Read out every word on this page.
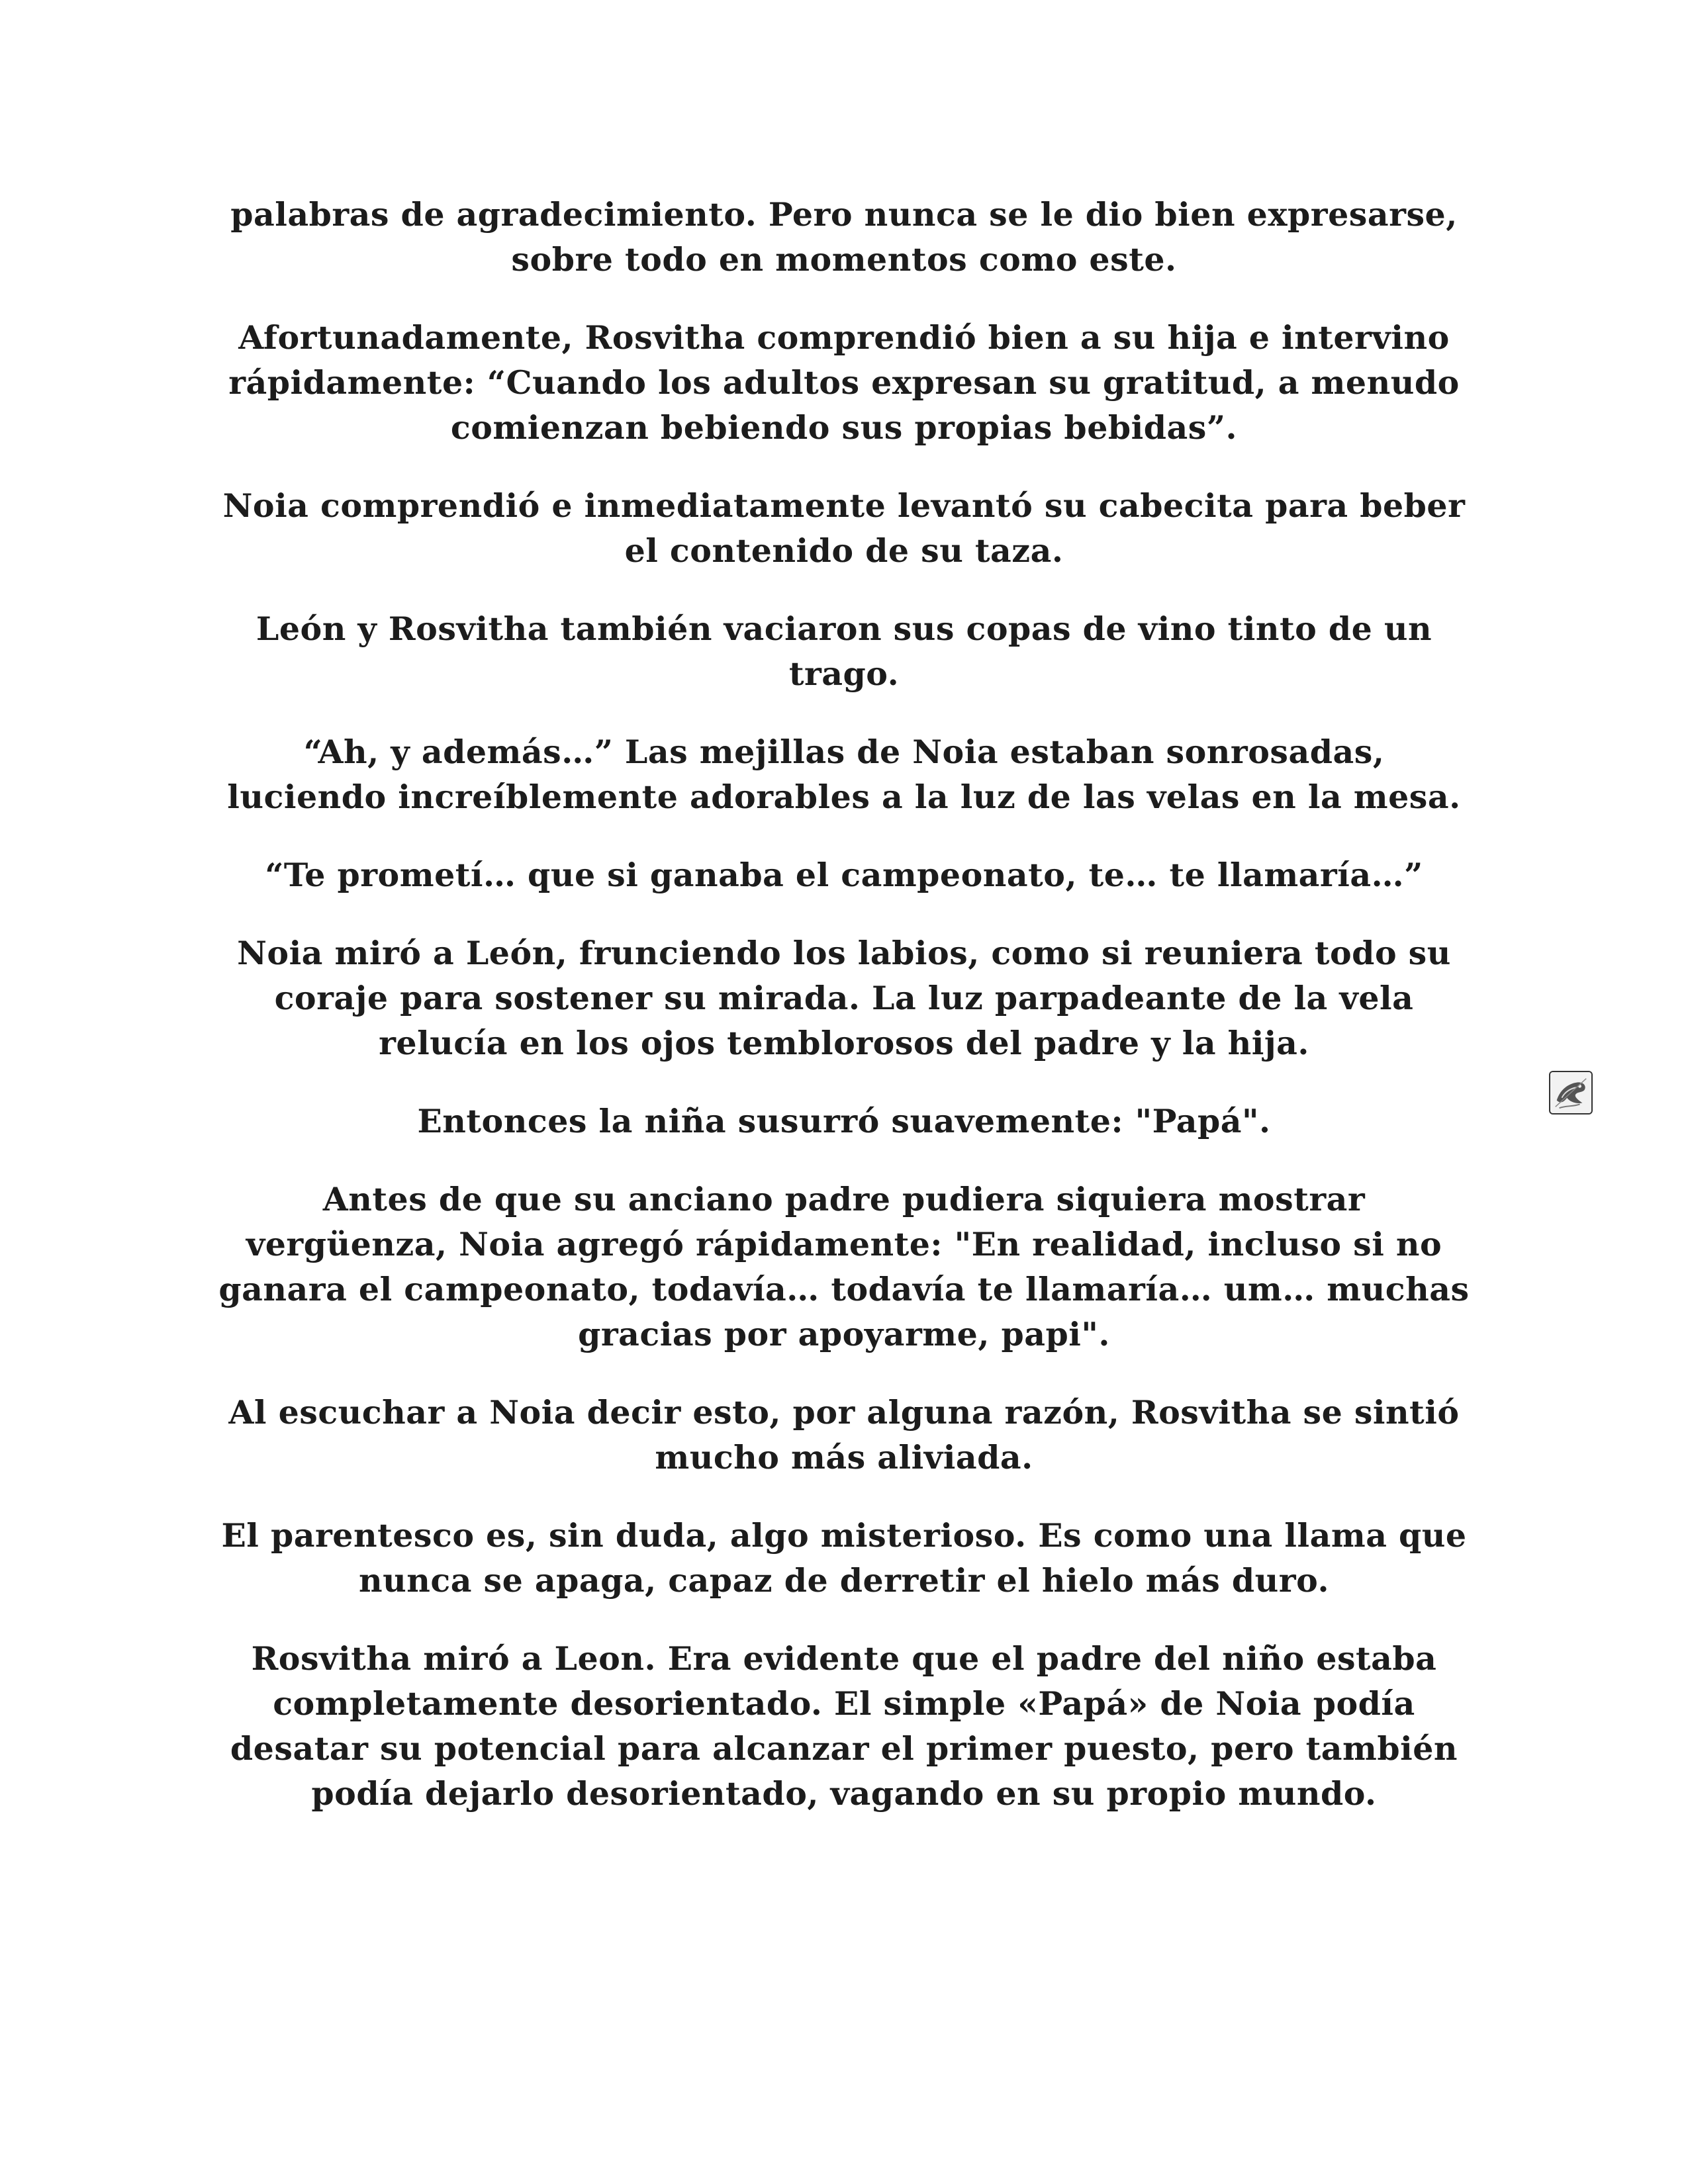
palabras de agradecimiento. Pero nunca se le dio bien expresarse, sobre todo en momentos como este.

Afortunadamente, Rosvitha comprendió bien a su hija e intervino rápidamente: “Cuando los adultos expresan su gratitud, a menudo comienzan bebiendo sus propias bebidas”.

Noia comprendió e inmediatamente levantó su cabecita para beber el contenido de su taza.

León y Rosvitha también vaciaron sus copas de vino tinto de un trago.

“Ah, y además…” Las mejillas de Noia estaban sonrosadas, luciendo increíblemente adorables a la luz de las velas en la mesa.

“Te prometí… que si ganaba el campeonato, te… te llamaría…”

Noia miró a León, frunciendo los labios, como si reuniera todo su coraje para sostener su mirada. La luz parpadeante de la vela relucía en los ojos temblorosos del padre y la hija.

Entonces la niña susurró suavemente: "Papá".

Antes de que su anciano padre pudiera siquiera mostrar vergüenza, Noia agregó rápidamente: "En realidad, incluso si no ganara el campeonato, todavía… todavía te llamaría… um… muchas gracias por apoyarme, papi".

Al escuchar a Noia decir esto, por alguna razón, Rosvitha se sintió mucho más aliviada.

El parentesco es, sin duda, algo misterioso. Es como una llama que nunca se apaga, capaz de derretir el hielo más duro.

Rosvitha miró a Leon. Era evidente que el padre del niño estaba completamente desorientado. El simple «Papá» de Noia podía desatar su potencial para alcanzar el primer puesto, pero también podía dejarlo desorientado, vagando en su propio mundo.
